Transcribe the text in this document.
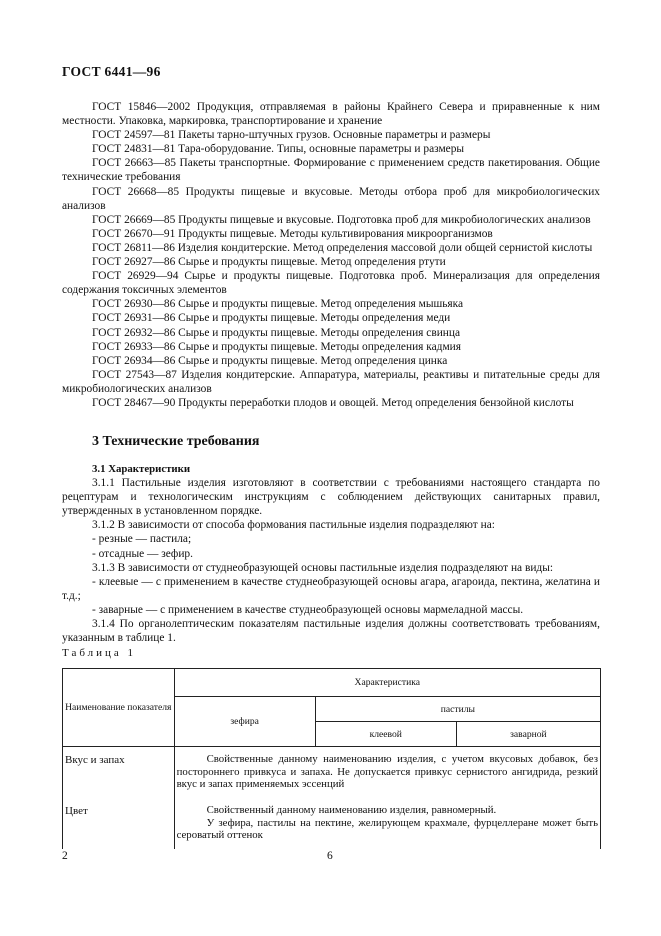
ГОСТ 6441—96

ГОСТ 15846—2002 Продукция, отправляемая в районы Крайнего Севера и приравненные к ним местности. Упаковка, маркировка, транспортирование и хранение

ГОСТ 24597—81 Пакеты тарно-штучных грузов. Основные параметры и размеры

ГОСТ 24831—81 Тара-оборудование. Типы, основные параметры и размеры

ГОСТ 26663—85 Пакеты транспортные. Формирование с применением средств пакетирования. Общие технические требования

ГОСТ 26668—85 Продукты пищевые и вкусовые. Методы отбора проб для микробиологических анализов

ГОСТ 26669—85 Продукты пищевые и вкусовые. Подготовка проб для микробиологических анализов

ГОСТ 26670—91 Продукты пищевые. Методы культивирования микроорганизмов

ГОСТ 26811—86 Изделия кондитерские. Метод определения массовой доли общей сернистой кислоты

ГОСТ 26927—86 Сырье и продукты пищевые. Метод определения ртути

ГОСТ 26929—94 Сырье и продукты пищевые. Подготовка проб. Минерализация для определения содержания токсичных элементов

ГОСТ 26930—86 Сырье и продукты пищевые. Метод определения мышьяка

ГОСТ 26931—86 Сырье и продукты пищевые. Методы определения меди

ГОСТ 26932—86 Сырье и продукты пищевые. Методы определения свинца

ГОСТ 26933—86 Сырье и продукты пищевые. Методы определения кадмия

ГОСТ 26934—86 Сырье и продукты пищевые. Метод определения цинка

ГОСТ 27543—87 Изделия кондитерские. Аппаратура, материалы, реактивы и питательные среды для микробиологических анализов

ГОСТ 28467—90 Продукты переработки плодов и овощей. Метод определения бензойной кислоты

3 Технические требования

3.1 Характеристики

3.1.1 Пастильные изделия изготовляют в соответствии с требованиями настоящего стандарта по рецептурам и технологическим инструкциям с соблюдением действующих санитарных правил, утвержденных в установленном порядке.

3.1.2 В зависимости от способа формования пастильные изделия подразделяют на:

- резные — пастила;

- отсадные — зефир.

3.1.3 В зависимости от студнеобразующей основы пастильные изделия подразделяют на виды:

- клеевые — с применением в качестве студнеобразующей основы агара, агароида, пектина, желатина и т.д.;

- заварные — с применением в качестве студнеобразующей основы мармеладной массы.

3.1.4 По органолептическим показателям пастильные изделия должны соответствовать требованиям, указанным в таблице 1.

Таблица 1
Наименование показателя	Характеристика		
	зефира	пастилы	
		клеевой	заварной
Вкус и запах	Свойственные данному наименованию изделия, с учетом вкусовых добавок, без постороннего привкуса и запаха. Не допускается привкус сернистого ангидрида, резкий вкус и запах применяемых эссенций		

Цвет	Свойственный данному наименованию изделия, равномерный.

У зефира, пастилы на пектине, желирующем крахмале, фурцеллеране может быть сероватый оттенок		

2	6
